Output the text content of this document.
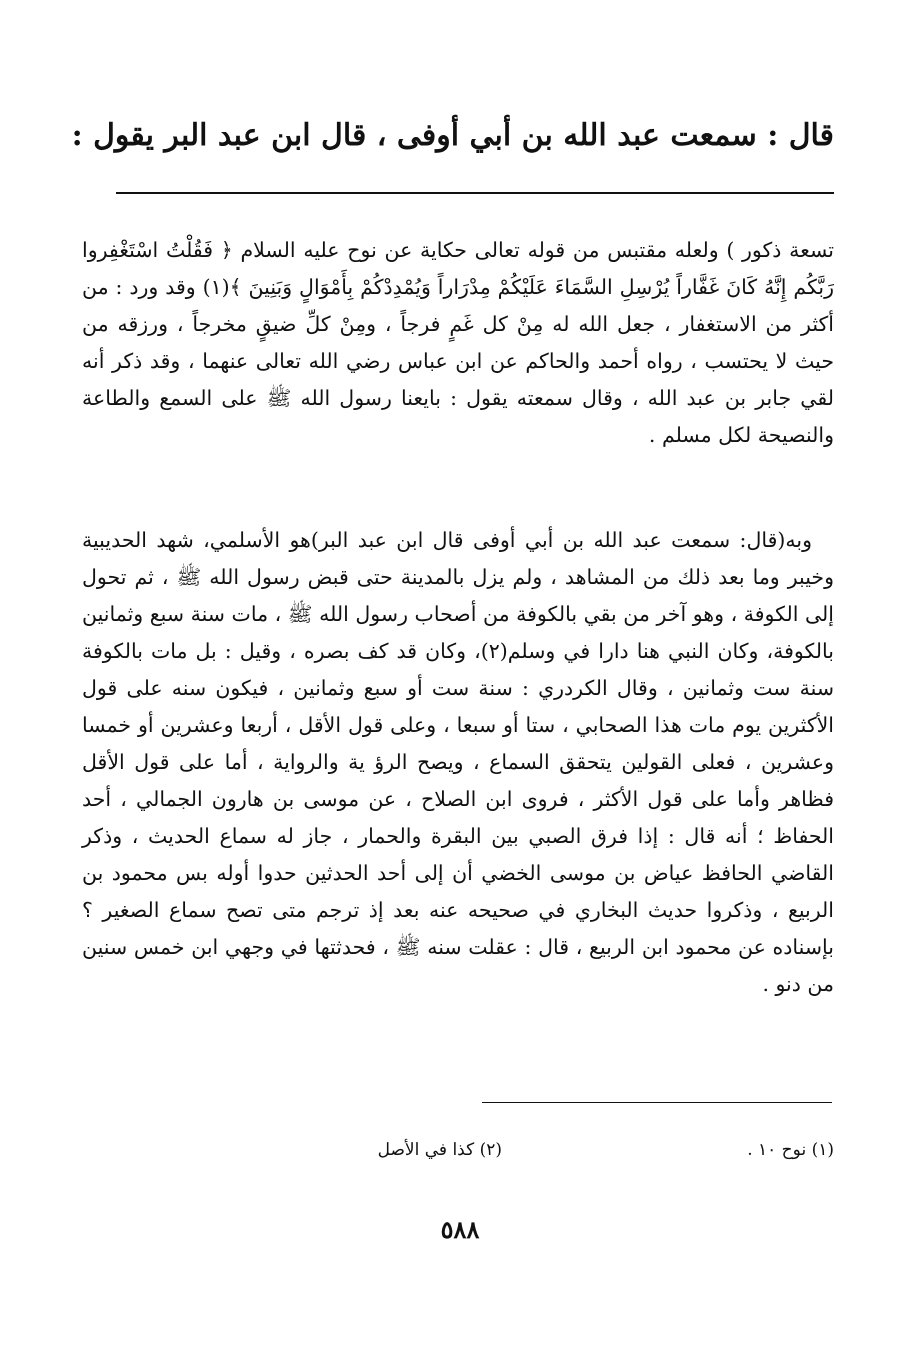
قال : سمعت عبد الله بن أبي أوفى ، قال ابن عبد البر يقول :

تسعة ذكور ) ولعله مقتبس من قوله تعالى حكاية عن نوح عليه السلام ﴿ فَقُلْتُ اسْتَغْفِروا رَبَّكُم إِنَّهُ كَانَ غَفَّاراً يُرْسِلِ السَّمَاءَ عَلَيْكُمْ مِدْرَاراً وَيُمْدِدْكُمْ بِأَمْوَالٍ وَبَنِينَ ﴾(١) وقد ورد : من أكثر من الاستغفار ، جعل الله له مِنْ كل غَمٍ فرجاً ، ومِنْ كلِّ ضيقٍ مخرجاً ، ورزقه من حيث لا يحتسب ، رواه أحمد والحاكم عن ابن عباس رضي الله تعالى عنهما ، وقد ذكر أنه لقي جابر بن عبد الله ، وقال سمعته يقول : بايعنا رسول الله ﷺ على السمع والطاعة والنصيحة لكل مسلم .

وبه(قال: سمعت عبد الله بن أبي أوفى قال ابن عبد البر)هو الأسلمي، شهد الحديبية وخيبر وما بعد ذلك من المشاهد ، ولم يزل بالمدينة حتى قبض رسول الله ﷺ ، ثم تحول إلى الكوفة ، وهو آخر من بقي بالكوفة من أصحاب رسول الله ﷺ ، مات سنة سبع وثمانين بالكوفة، وكان النبي هنا دارا في وسلم(٢)، وكان قد كف بصره ، وقيل : بل مات بالكوفة سنة ست وثمانين ، وقال الكردري : سنة ست أو سبع وثمانين ، فيكون سنه على قول الأكثرين يوم مات هذا الصحابي ، ستا أو سبعا ، وعلى قول الأقل ، أربعا وعشرين أو خمسا وعشرين ، فعلى القولين يتحقق السماع ، ويصح الرؤ ية والرواية ، أما على قول الأقل فظاهر وأما على قول الأكثر ، فروى ابن الصلاح ، عن موسى بن هارون الجمالي ، أحد الحفاظ ؛ أنه قال : إذا فرق الصبي بين البقرة والحمار ، جاز له سماع الحديث ، وذكر القاضي الحافظ عياض بن موسى الخضي أن إلى أحد الحدثين حدوا أوله بس محمود بن الربيع ، وذكروا حديث البخاري في صحيحه عنه بعد إذ ترجم متى تصح سماع الصغير ؟ بإسناده عن محمود ابن الربيع ، قال : عقلت سنه ﷺ ، فحدثتها في وجهي ابن خمس سنين من دنو .

(١) نوح ١٠ .
(٢) كذا في الأصل
٥٨٨
